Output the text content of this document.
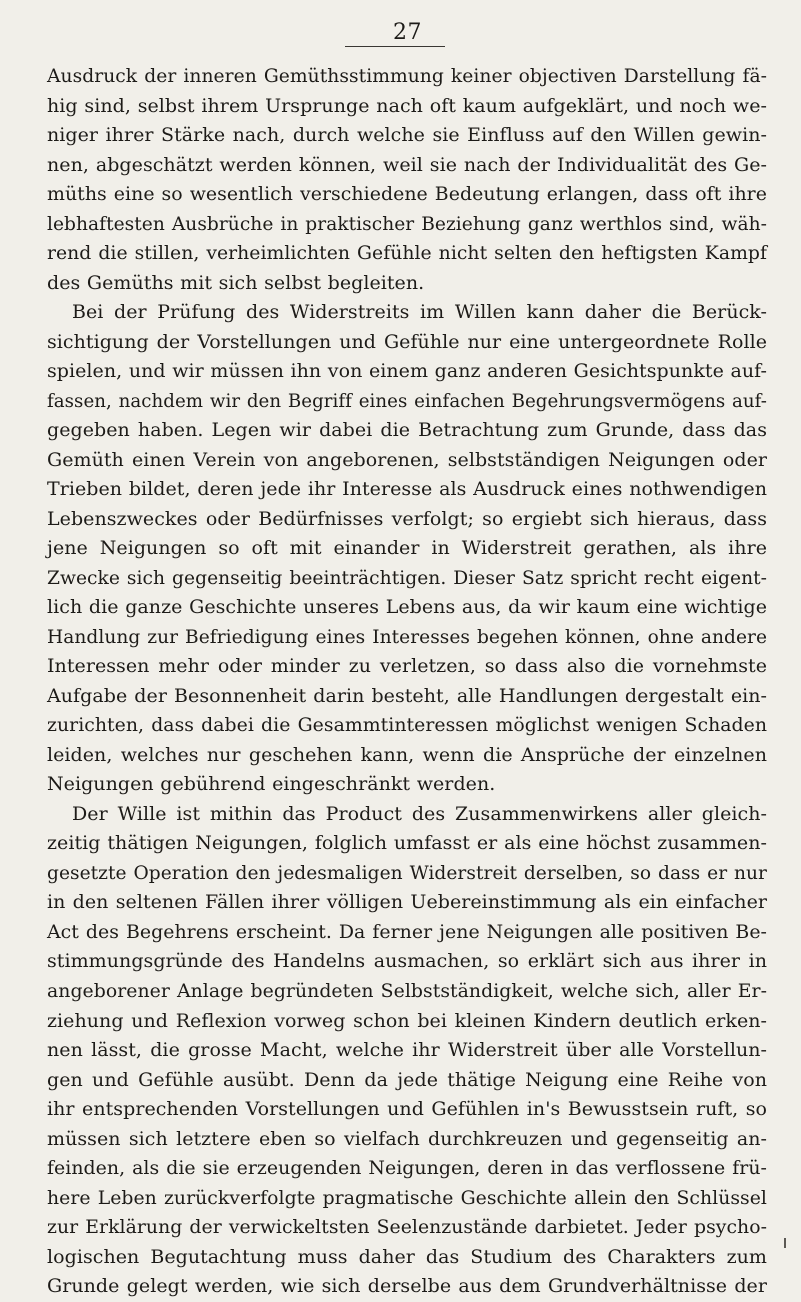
27
Ausdruck der inneren Gemüthsstimmung keiner objectiven Darstellung fä-
hig sind, selbst ihrem Ursprunge nach oft kaum aufgeklärt, und noch we-
niger ihrer Stärke nach, durch welche sie Einfluss auf den Willen gewin-
nen, abgeschätzt werden können, weil sie nach der Individualität des Ge-
müths eine so wesentlich verschiedene Bedeutung erlangen, dass oft ihre
lebhaftesten Ausbrüche in praktischer Beziehung ganz werthlos sind, wäh-
rend die stillen, verheimlichten Gefühle nicht selten den heftigsten Kampf
des Gemüths mit sich selbst begleiten.
Bei der Prüfung des Widerstreits im Willen kann daher die Berück-
sichtigung der Vorstellungen und Gefühle nur eine untergeordnete Rolle
spielen, und wir müssen ihn von einem ganz anderen Gesichtspunkte auf-
fassen, nachdem wir den Begriff eines einfachen Begehrungsvermögens auf-
gegeben haben. Legen wir dabei die Betrachtung zum Grunde, dass das
Gemüth einen Verein von angeborenen, selbstständigen Neigungen oder
Trieben bildet, deren jede ihr Interesse als Ausdruck eines nothwendigen
Lebenszweckes oder Bedürfnisses verfolgt; so ergiebt sich hieraus, dass
jene Neigungen so oft mit einander in Widerstreit gerathen, als ihre
Zwecke sich gegenseitig beeinträchtigen. Dieser Satz spricht recht eigent-
lich die ganze Geschichte unseres Lebens aus, da wir kaum eine wichtige
Handlung zur Befriedigung eines Interesses begehen können, ohne andere
Interessen mehr oder minder zu verletzen, so dass also die vornehmste
Aufgabe der Besonnenheit darin besteht, alle Handlungen dergestalt ein-
zurichten, dass dabei die Gesammtinteressen möglichst wenigen Schaden
leiden, welches nur geschehen kann, wenn die Ansprüche der einzelnen
Neigungen gebührend eingeschränkt werden.
Der Wille ist mithin das Product des Zusammenwirkens aller gleich-
zeitig thätigen Neigungen, folglich umfasst er als eine höchst zusammen-
gesetzte Operation den jedesmaligen Widerstreit derselben, so dass er nur
in den seltenen Fällen ihrer völligen Uebereinstimmung als ein einfacher
Act des Begehrens erscheint. Da ferner jene Neigungen alle positiven Be-
stimmungsgründe des Handelns ausmachen, so erklärt sich aus ihrer in
angeborener Anlage begründeten Selbstständigkeit, welche sich, aller Er-
ziehung und Reflexion vorweg schon bei kleinen Kindern deutlich erken-
nen lässt, die grosse Macht, welche ihr Widerstreit über alle Vorstellun-
gen und Gefühle ausübt. Denn da jede thätige Neigung eine Reihe von
ihr entsprechenden Vorstellungen und Gefühlen in's Bewusstsein ruft, so
müssen sich letztere eben so vielfach durchkreuzen und gegenseitig an-
feinden, als die sie erzeugenden Neigungen, deren in das verflossene frü-
here Leben zurückverfolgte pragmatische Geschichte allein den Schlüssel
zur Erklärung der verwickeltsten Seelenzustände darbietet. Jeder psycho-
logischen Begutachtung muss daher das Studium des Charakters zum
Grunde gelegt werden, wie sich derselbe aus dem Grundverhältnisse der
